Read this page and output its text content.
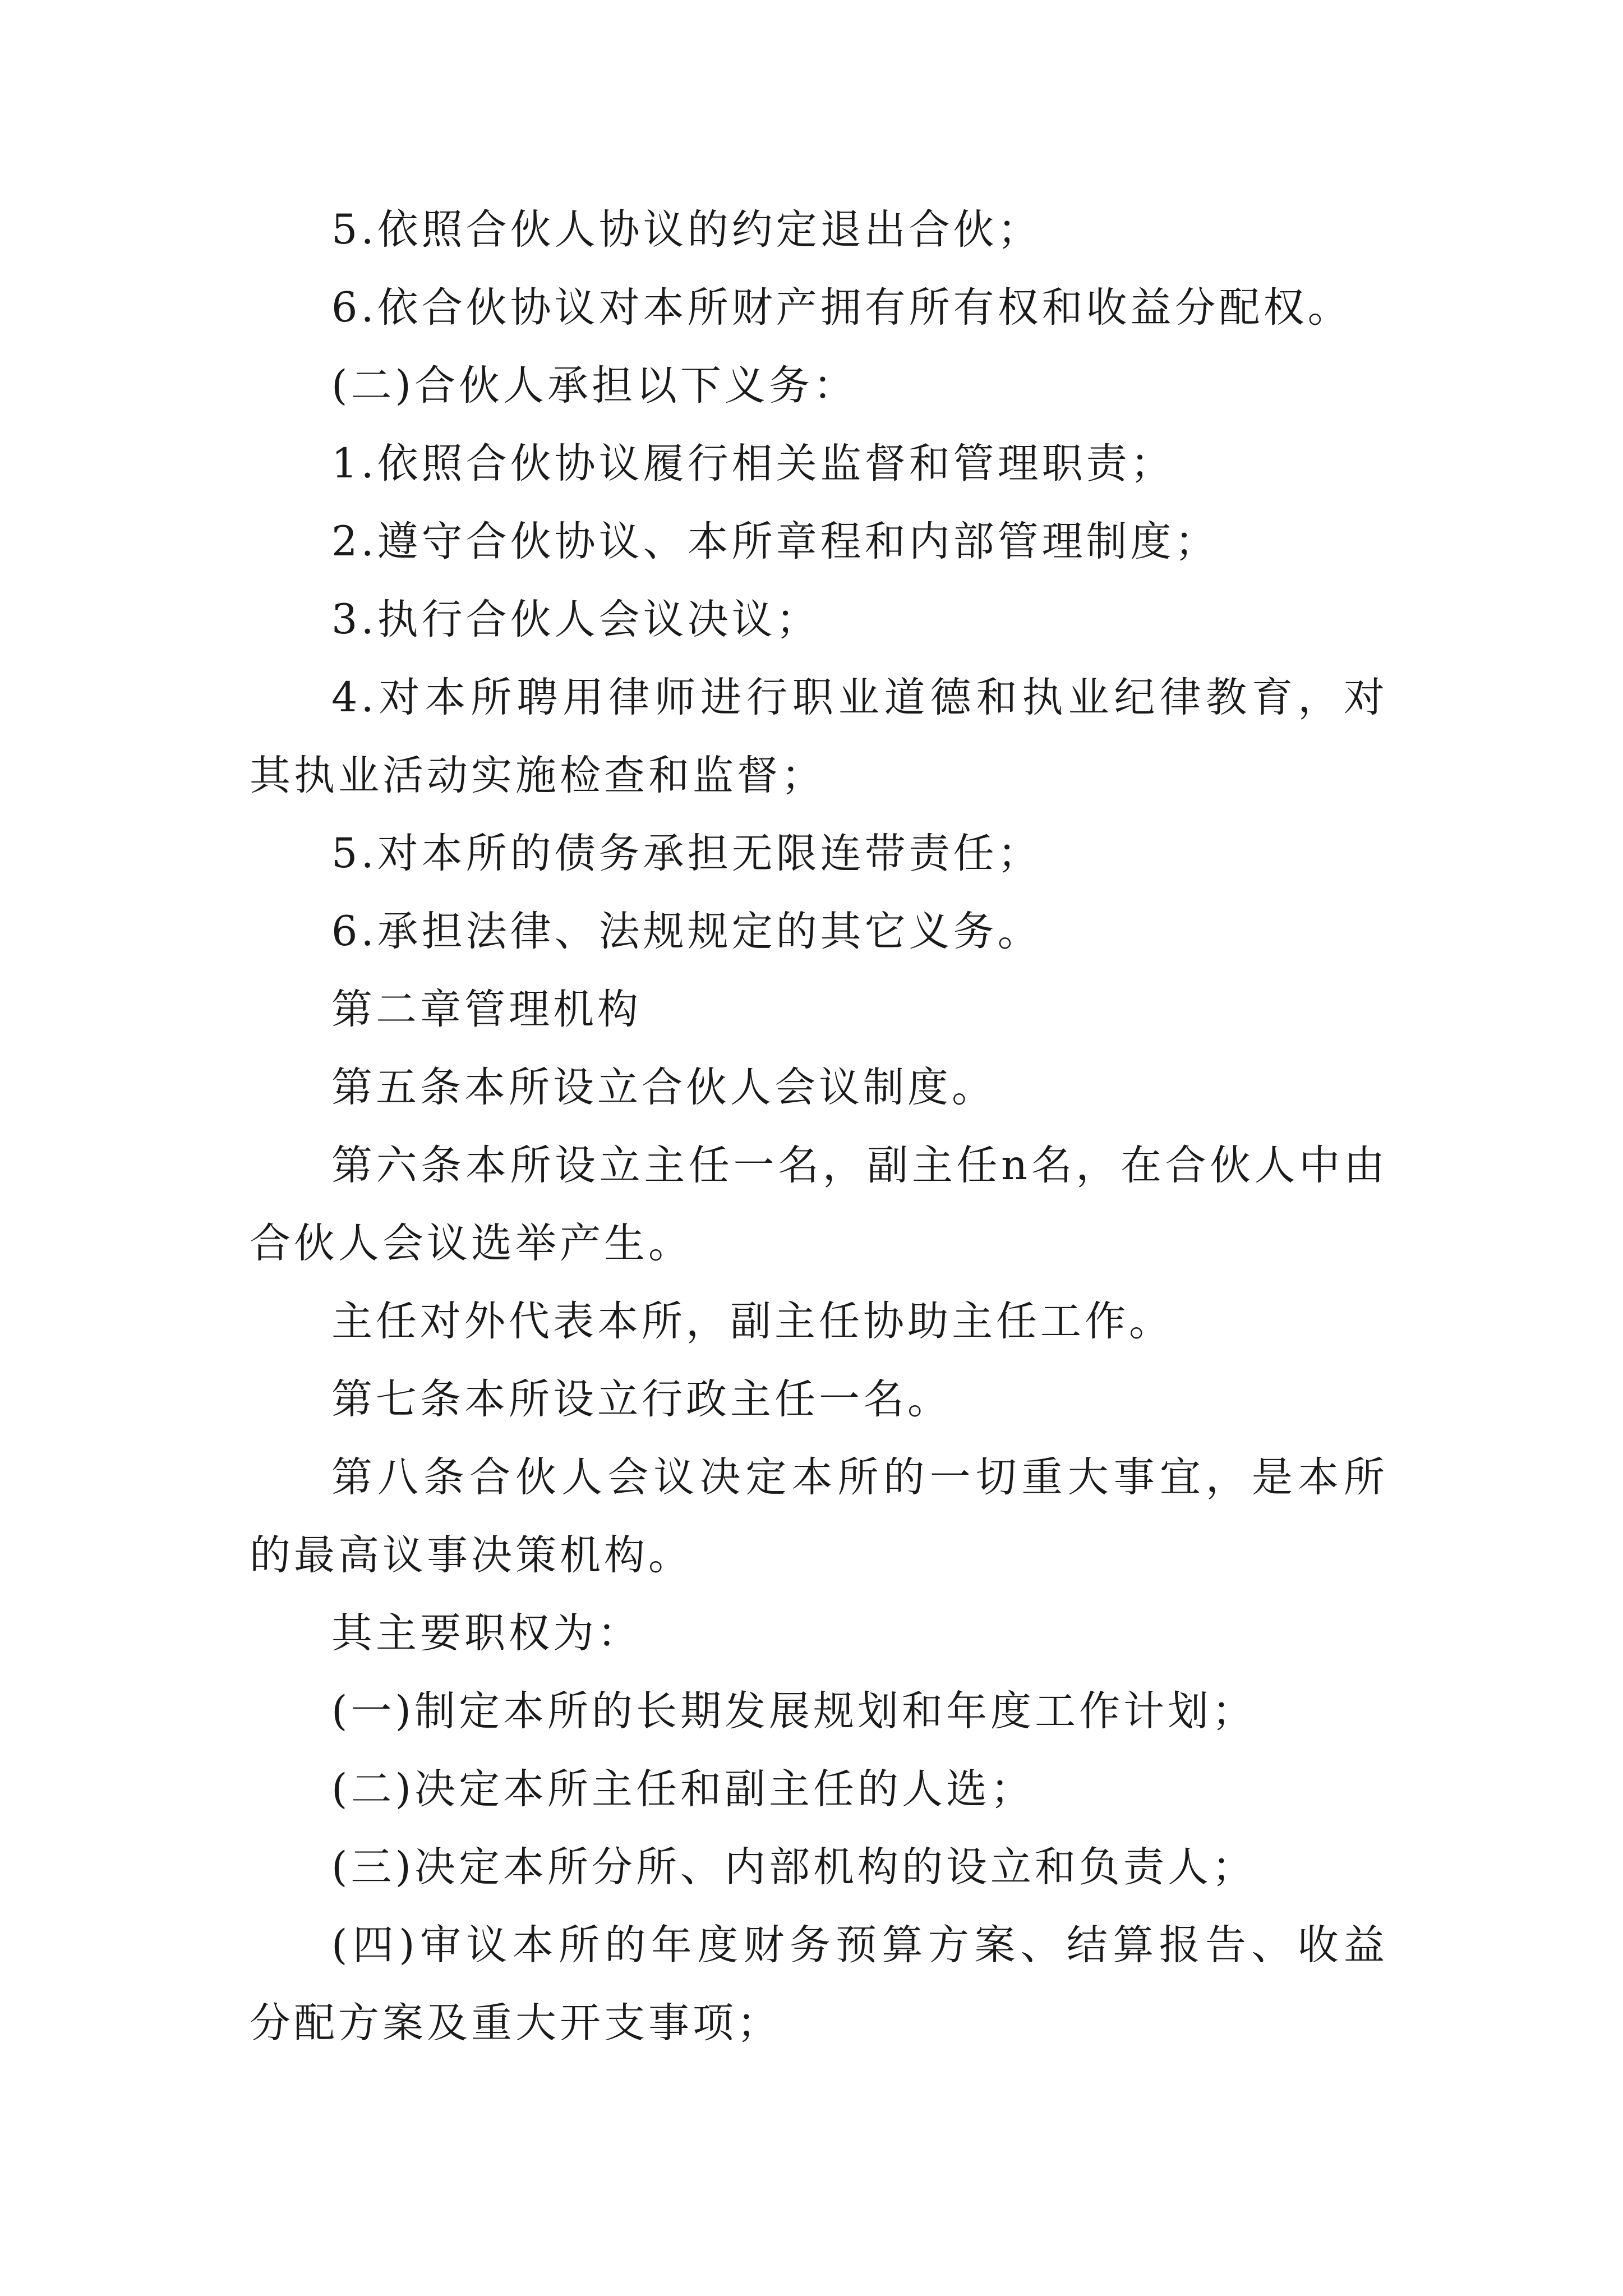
5.依照合伙人协议的约定退出合伙；

6.依合伙协议对本所财产拥有所有权和收益分配权。

(二)合伙人承担以下义务：

1.依照合伙协议履行相关监督和管理职责；

2.遵守合伙协议、本所章程和内部管理制度；

3.执行合伙人会议决议；

4.对本所聘用律师进行职业道德和执业纪律教育，对其执业活动实施检查和监督；

5.对本所的债务承担无限连带责任；

6.承担法律、法规规定的其它义务。

第二章管理机构

第五条本所设立合伙人会议制度。

第六条本所设立主任一名，副主任n名，在合伙人中由合伙人会议选举产生。

主任对外代表本所，副主任协助主任工作。

第七条本所设立行政主任一名。

第八条合伙人会议决定本所的一切重大事宜，是本所的最高议事决策机构。

其主要职权为：

(一)制定本所的长期发展规划和年度工作计划；

(二)决定本所主任和副主任的人选；

(三)决定本所分所、内部机构的设立和负责人；

(四)审议本所的年度财务预算方案、结算报告、收益分配方案及重大开支事项；
